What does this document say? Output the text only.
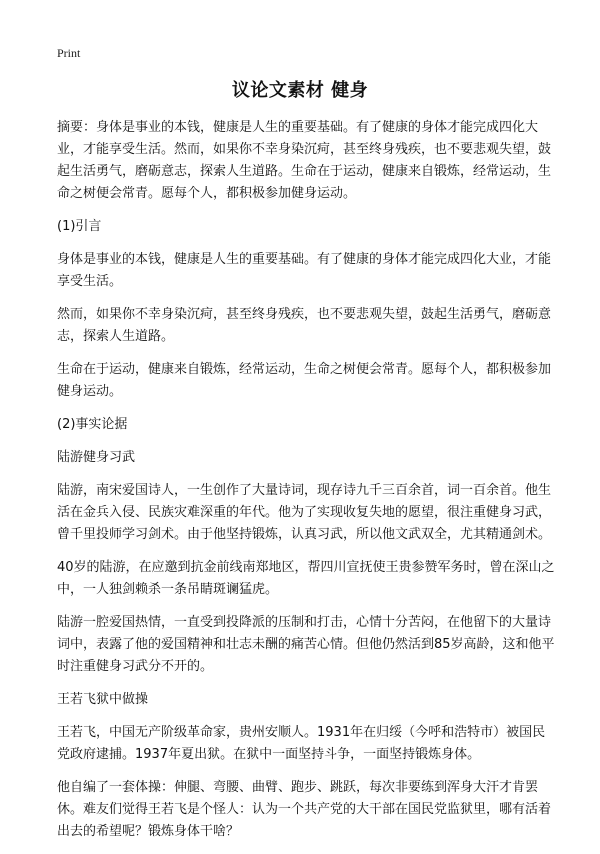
Print
议论文素材 健身

摘要：身体是事业的本钱，健康是人生的重要基础。有了健康的身体才能完成四化大业，才能享受生活。然而，如果你不幸身染沉疴，甚至终身残疾，也不要悲观失望，鼓起生活勇气，磨砺意志，探索人生道路。生命在于运动，健康来自锻炼，经常运动，生命之树便会常青。愿每个人，都积极参加健身运动。

(1)引言

身体是事业的本钱，健康是人生的重要基础。有了健康的身体才能完成四化大业，才能享受生活。

然而，如果你不幸身染沉疴，甚至终身残疾，也不要悲观失望，鼓起生活勇气，磨砺意志，探索人生道路。

生命在于运动，健康来自锻炼，经常运动，生命之树便会常青。愿每个人，都积极参加健身运动。

(2)事实论据

陆游健身习武

陆游，南宋爱国诗人，一生创作了大量诗词，现存诗九千三百余首，词一百余首。他生活在金兵入侵、民族灾难深重的年代。他为了实现收复失地的愿望，很注重健身习武，曾千里投师学习剑术。由于他坚持锻炼，认真习武，所以他文武双全，尤其精通剑术。

40岁的陆游，在应邀到抗金前线南郑地区，帮四川宣抚使王贵参赞军务时，曾在深山之中，一人独剑赖杀一条吊睛斑谰猛虎。

陆游一腔爱国热情，一直受到投降派的压制和打击，心情十分苦闷，在他留下的大量诗词中，表露了他的爱国精神和壮志未酬的痛苦心情。但他仍然活到85岁高龄，这和他平时注重健身习武分不开的。

王若飞狱中做操

王若飞，中国无产阶级革命家，贵州安顺人。1931年在归绥（今呼和浩特市）被国民党政府逮捕。1937年夏出狱。在狱中一面坚持斗争，一面坚持锻炼身体。

他自编了一套体操：伸腿、弯腰、曲臂、跑步、跳跃，每次非要练到浑身大汗才肯罢休。难友们觉得王若飞是个怪人：认为一个共产党的大干部在国民党监狱里，哪有活着出去的希望呢？锻炼身体干啥？
